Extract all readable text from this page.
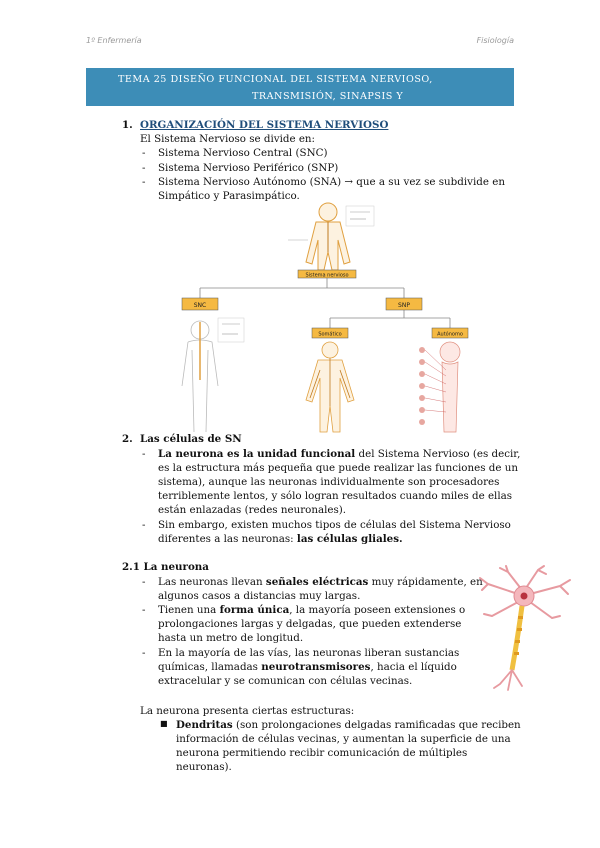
1º Enfermería	Fisiología
TEMA 25 DISEÑO FUNCIONAL DEL SISTEMA NERVIOSO,
TRANSMISIÓN, SINAPSIS Y
1. ORGANIZACIÓN DEL SISTEMA NERVIOSO
El Sistema Nervioso se divide en:
- Sistema Nervioso Central (SNC)
- Sistema Nervioso Periférico (SNP)
- Sistema Nervioso Autónomo (SNA) → que a su vez se subdivide en
Simpático y Parasimpático.
Sistema nervioso
SNC	SNP
Somático	Autónomo
2. Las células de SN
- La neurona es la unidad funcional del Sistema Nervioso (es decir,
es la estructura más pequeña que puede realizar las funciones de un
sistema), aunque las neuronas individualmente son procesadores
terriblemente lentos, y sólo logran resultados cuando miles de ellas
están enlazadas (redes neuronales).
- Sin embargo, existen muchos tipos de células del Sistema Nervioso
diferentes a las neuronas: las células gliales.
2.1 La neurona
- Las neuronas llevan señales eléctricas muy rápidamente, en
algunos casos a distancias muy largas.
- Tienen una forma única, la mayoría poseen extensiones o
prolongaciones largas y delgadas, que pueden extenderse
hasta un metro de longitud.
- En la mayoría de las vías, las neuronas liberan sustancias
químicas, llamadas neurotransmisores, hacia el líquido
extracelular y se comunican con células vecinas.
La neurona presenta ciertas estructuras:
■ Dendritas (son prolongaciones delgadas ramificadas que reciben
información de células vecinas, y aumentan la superficie de una
neurona permitiendo recibir comunicación de múltiples
neuronas).
